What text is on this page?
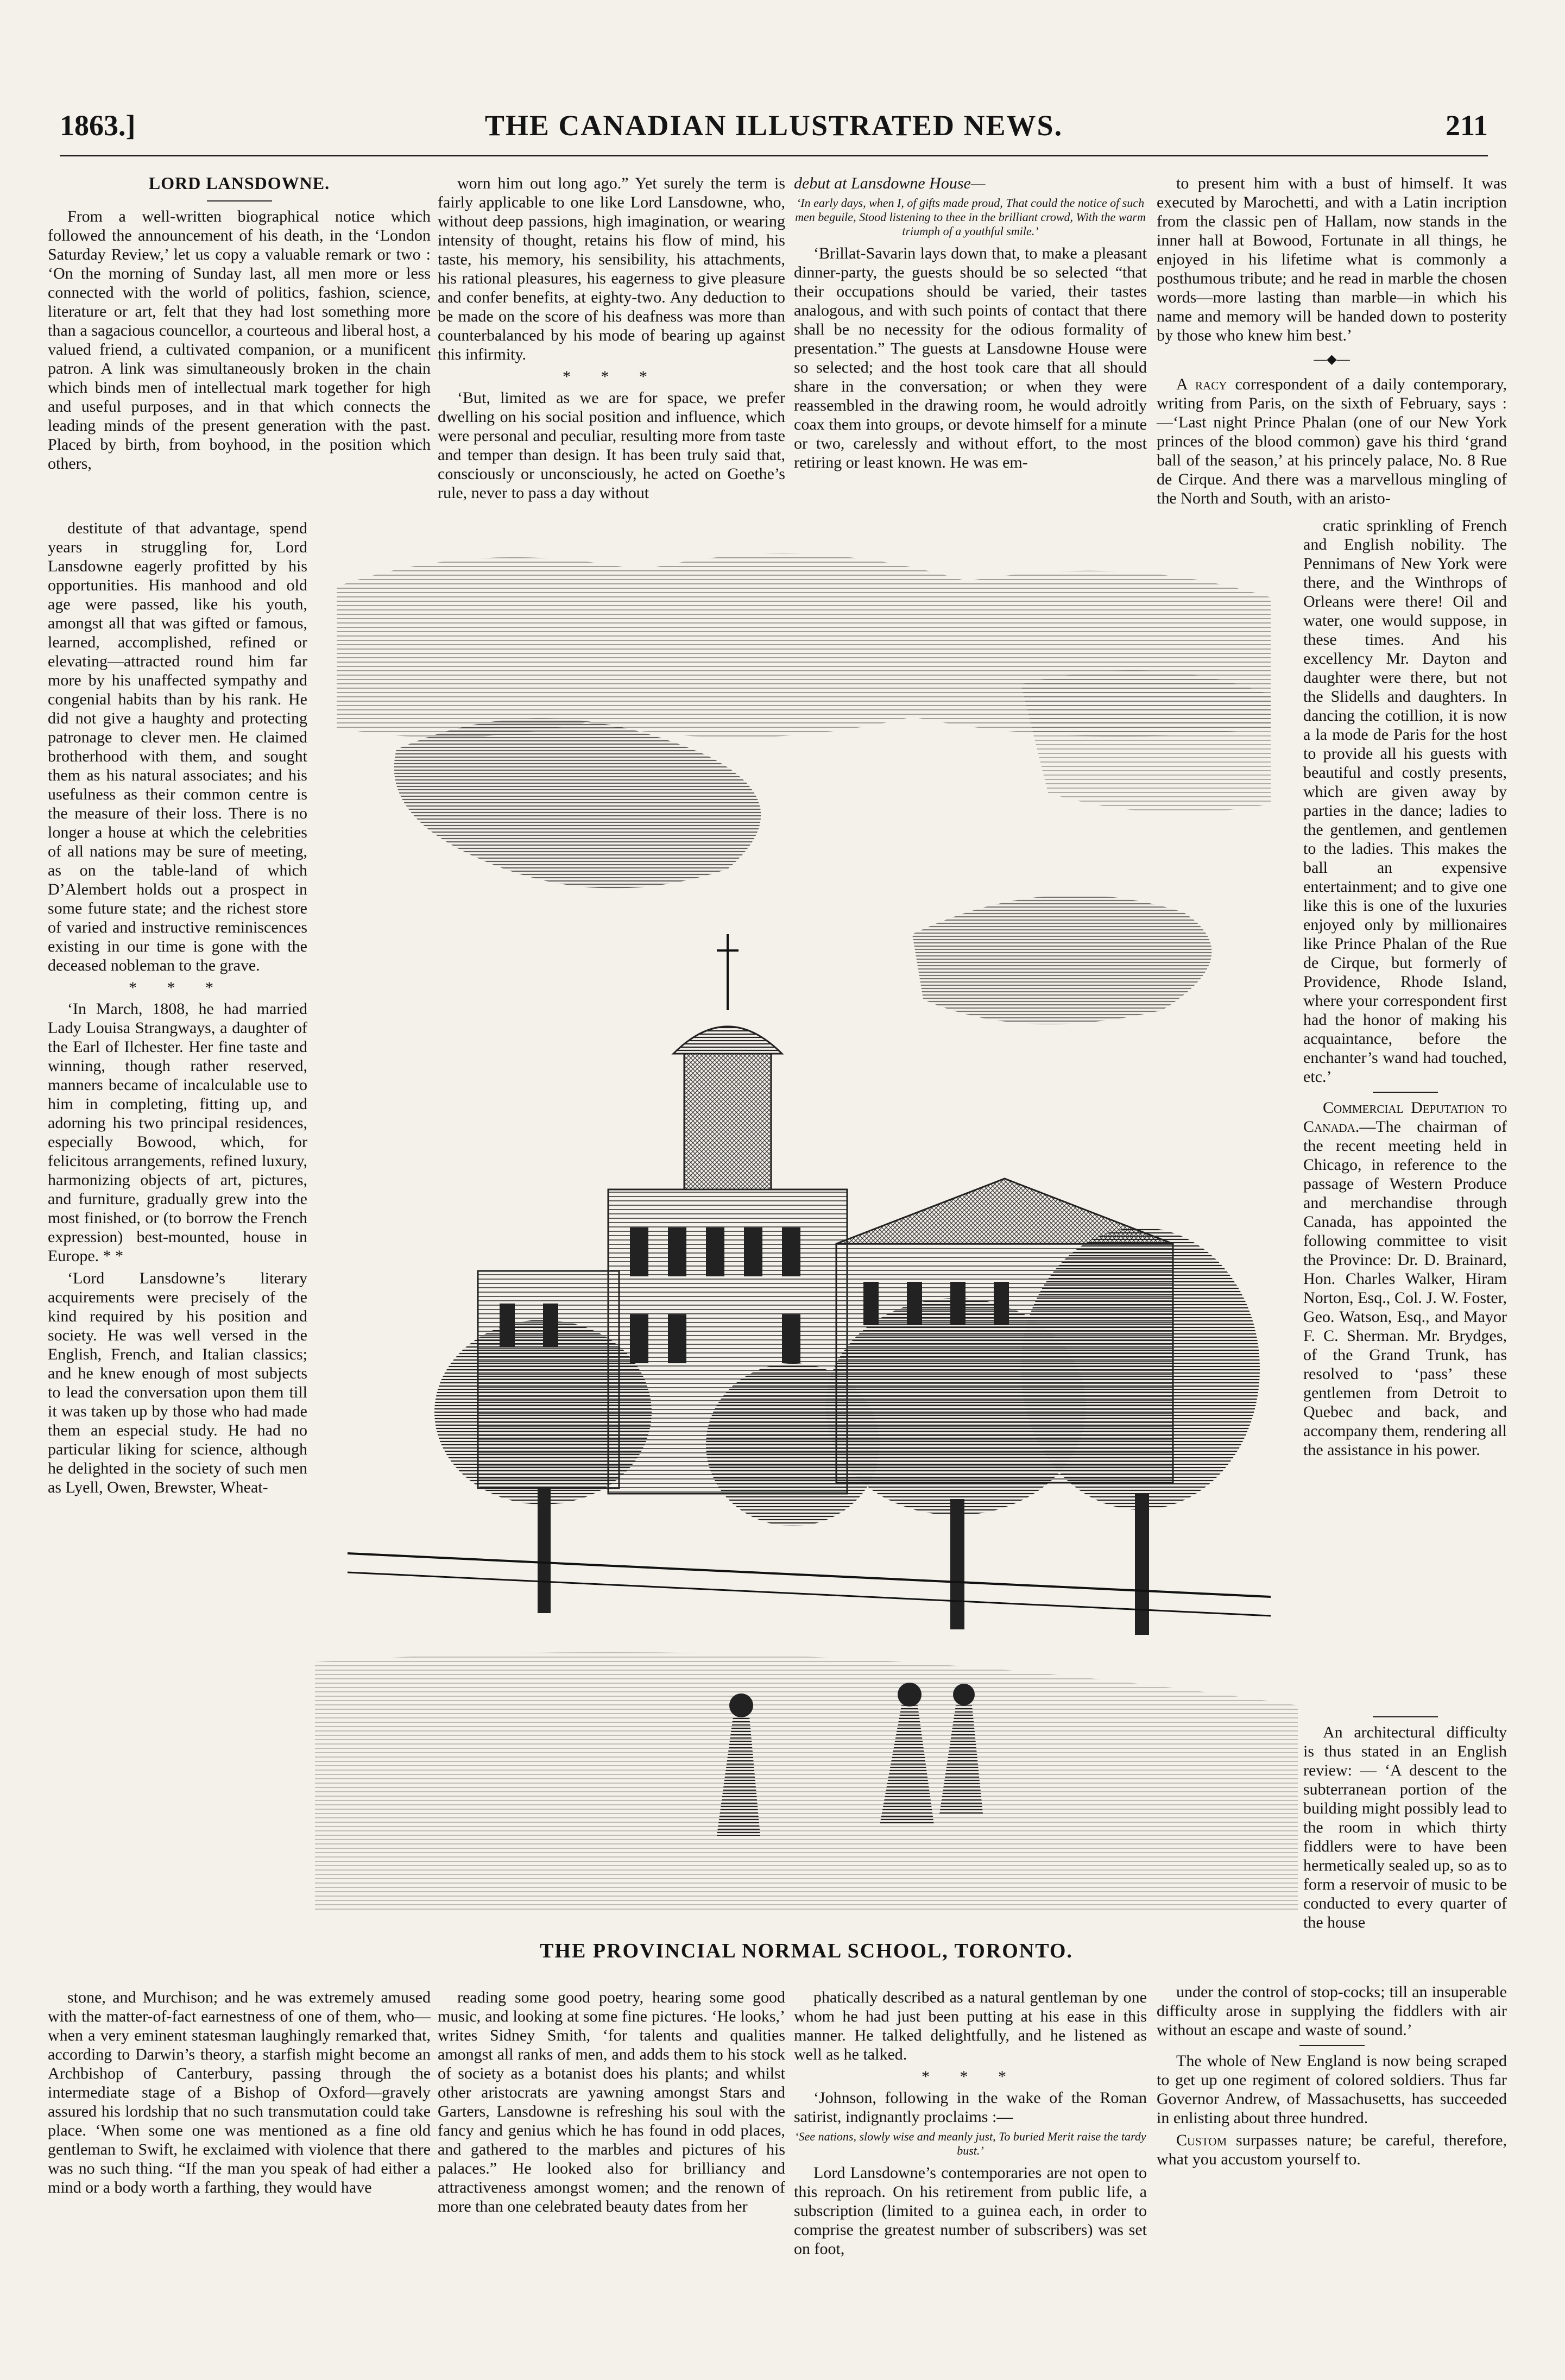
1863.]	THE CANADIAN ILLUSTRATED NEWS.	211
LORD LANSDOWNE.

From a well-written biographical notice which followed the announcement of his death, in the ‘London Saturday Review,’ let us copy a valuable remark or two : ‘On the morning of Sunday last, all men more or less connected with the world of politics, fashion, science, literature or art, felt that they had lost something more than a sagacious councellor, a courteous and liberal host, a valued friend, a cultivated companion, or a munificent patron. A link was simultaneously broken in the chain which binds men of intellectual mark together for high and useful purposes, and in that which connects the leading minds of the present generation with the past. Placed by birth, from boyhood, in the position which others,

destitute of that advantage, spend years in struggling for, Lord Lansdowne eagerly profitted by his opportunities. His manhood and old age were passed, like his youth, amongst all that was gifted or famous, learned, accomplished, refined or elevating—attracted round him far more by his unaffected sympathy and congenial habits than by his rank. He did not give a haughty and protecting patronage to clever men. He claimed brotherhood with them, and sought them as his natural associates; and his usefulness as their common centre is the measure of their loss. There is no longer a house at which the celebrities of all nations may be sure of meeting, as on the table-land of which D’Alembert holds out a prospect in some future state; and the richest store of varied and instructive reminiscences existing in our time is gone with the deceased nobleman to the grave.

* * *

‘In March, 1808, he had married Lady Louisa Strangways, a daughter of the Earl of Ilchester. Her fine taste and winning, though rather reserved, manners became of incalculable use to him in completing, fitting up, and adorning his two principal residences, especially Bowood, which, for felicitous arrangements, refined luxury, harmonizing objects of art, pictures, and furniture, gradually grew into the most finished, or (to borrow the French expression) best-mounted, house in Europe. * *

‘Lord Lansdowne’s literary acquirements were precisely of the kind required by his position and society. He was well versed in the English, French, and Italian classics; and he knew enough of most subjects to lead the conversation upon them till it was taken up by those who had made them an especial study. He had no particular liking for science, although he delighted in the society of such men as Lyell, Owen, Brewster, Wheat-

stone, and Murchison; and he was extremely amused with the matter-of-fact earnestness of one of them, who—when a very eminent statesman laughingly remarked that, according to Darwin’s theory, a starfish might become an Archbishop of Canterbury, passing through the intermediate stage of a Bishop of Oxford—gravely assured his lordship that no such transmutation could take place. ‘When some one was mentioned as a fine old gentleman to Swift, he exclaimed with violence that there was no such thing. “If the man you speak of had either a mind or a body worth a farthing, they would have

worn him out long ago.” Yet surely the term is fairly applicable to one like Lord Lansdowne, who, without deep passions, high imagination, or wearing intensity of thought, retains his flow of mind, his taste, his memory, his sensibility, his attachments, his rational pleasures, his eagerness to give pleasure and confer benefits, at eighty-two. Any deduction to be made on the score of his deafness was more than counterbalanced by his mode of bearing up against this infirmity.

* * *

‘But, limited as we are for space, we prefer dwelling on his social position and influence, which were personal and peculiar, resulting more from taste and temper than design. It has been truly said that, consciously or unconsciously, he acted on Goethe’s rule, never to pass a day without

reading some good poetry, hearing some good music, and looking at some fine pictures. ‘He looks,’ writes Sidney Smith, ‘for talents and qualities amongst all ranks of men, and adds them to his stock of society as a botanist does his plants; and whilst other aristocrats are yawning amongst Stars and Garters, Lansdowne is refreshing his soul with the fancy and genius which he has found in odd places, and gathered to the marbles and pictures of his palaces.” He looked also for brilliancy and attractiveness amongst women; and the renown of more than one celebrated beauty dates from her

debut at Lansdowne House—

‘In early days, when I, of gifts made proud, That could the notice of such men beguile, Stood listening to thee in the brilliant crowd, With the warm triumph of a youthful smile.’

‘Brillat-Savarin lays down that, to make a pleasant dinner-party, the guests should be so selected “that their occupations should be varied, their tastes analogous, and with such points of contact that there shall be no necessity for the odious formality of presentation.” The guests at Lansdowne House were so selected; and the host took care that all should share in the conversation; or when they were reassembled in the drawing room, he would adroitly coax them into groups, or devote himself for a minute or two, carelessly and without effort, to the most retiring or least known. He was em-

phatically described as a natural gentleman by one whom he had just been putting at his ease in this manner. He talked delightfully, and he listened as well as he talked.

* * *

‘Johnson, following in the wake of the Roman satirist, indignantly proclaims :—

‘See nations, slowly wise and meanly just, To buried Merit raise the tardy bust.’

Lord Lansdowne’s contemporaries are not open to this reproach. On his retirement from public life, a subscription (limited to a guinea each, in order to comprise the greatest number of subscribers) was set on foot,

to present him with a bust of himself. It was executed by Marochetti, and with a Latin incription from the classic pen of Hallam, now stands in the inner hall at Bowood, Fortunate in all things, he enjoyed in his lifetime what is commonly a posthumous tribute; and he read in marble the chosen words—more lasting than marble—in which his name and memory will be handed down to posterity by those who knew him best.’

—◆—

A racy correspondent of a daily contemporary, writing from Paris, on the sixth of February, says :—‘Last night Prince Phalan (one of our New York princes of the blood common) gave his third ‘grand ball of the season,’ at his princely palace, No. 8 Rue de Cirque. And there was a marvellous mingling of the North and South, with an aristo-

cratic sprinkling of French and English nobility. The Pennimans of New York were there, and the Winthrops of Orleans were there! Oil and water, one would suppose, in these times. And his excellency Mr. Dayton and daughter were there, but not the Slidells and daughters. In dancing the cotillion, it is now a la mode de Paris for the host to provide all his guests with beautiful and costly presents, which are given away by parties in the dance; ladies to the gentlemen, and gentlemen to the ladies. This makes the ball an expensive entertainment; and to give one like this is one of the luxuries enjoyed only by millionaires like Prince Phalan of the Rue de Cirque, but formerly of Providence, Rhode Island, where your correspondent first had the honor of making his acquaintance, before the enchanter’s wand had touched, etc.’

Commercial Deputation to Canada.—The chairman of the recent meeting held in Chicago, in reference to the passage of Western Produce and merchandise through Canada, has appointed the following committee to visit the Province: Dr. D. Brainard, Hon. Charles Walker, Hiram Norton, Esq., Col. J. W. Foster, Geo. Watson, Esq., and Mayor F. C. Sherman. Mr. Brydges, of the Grand Trunk, has resolved to ‘pass’ these gentlemen from Detroit to Quebec and back, and accompany them, rendering all the assistance in his power.

An architectural difficulty is thus stated in an English review: — ‘A descent to the subterranean portion of the building might possibly lead to the room in which thirty fiddlers were to have been hermetically sealed up, so as to form a reservoir of music to be conducted to every quarter of the house

under the control of stop-cocks; till an insuperable difficulty arose in supplying the fiddlers with air without an escape and waste of sound.’

The whole of New England is now being scraped to get up one regiment of colored soldiers. Thus far Governor Andrew, of Massachusetts, has succeeded in enlisting about three hundred.

Custom surpasses nature; be careful, therefore, what you accustom yourself to.

THE PROVINCIAL NORMAL SCHOOL, TORONTO.
